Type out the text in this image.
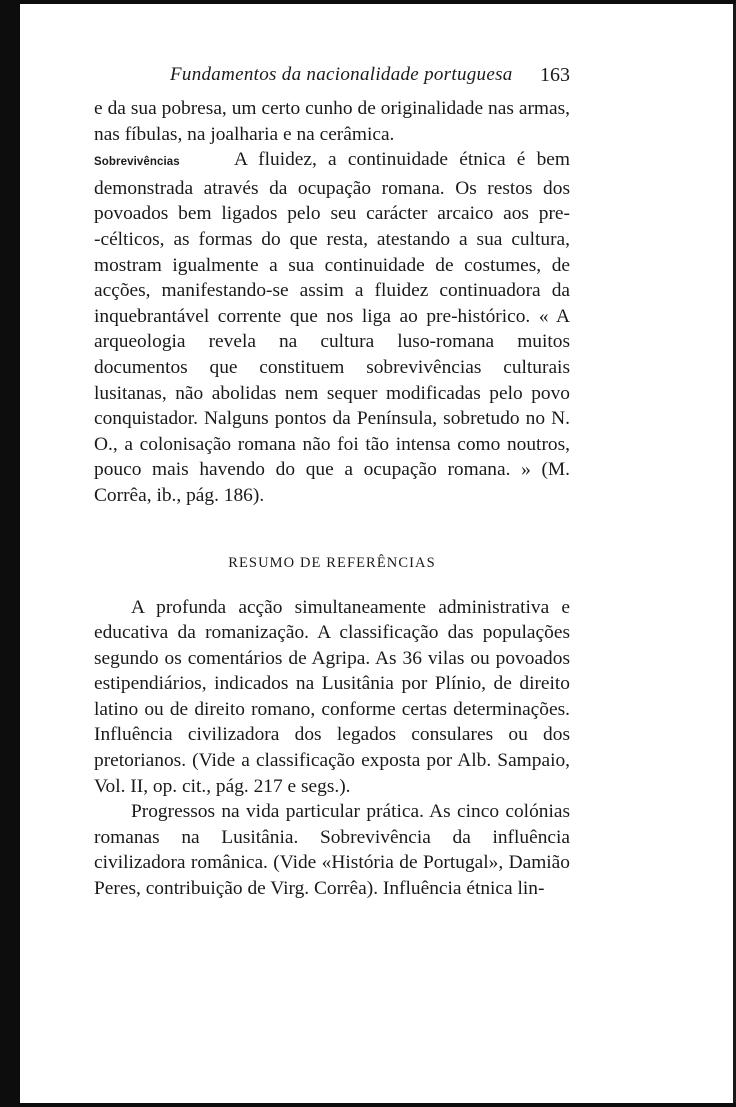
Fundamentos da nacionalidade portuguesa 163

e da sua pobresa, um certo cunho de originalidade nas armas, nas fíbulas, na joalharia e na cerâmica.

Sobrevivências	A fluidez, a continuidade étnica é bem demonstrada através da ocupação romana. Os restos dos povoados bem ligados pelo seu carácter arcaico aos pre-‑célticos, as formas do que resta, atestando a sua cultura, mostram igualmente a sua continuidade de costumes, de acções, manifestando-se assim a fluidez continuadora da inquebrantável corrente que nos liga ao pre-histórico. « A arqueologia revela na cultura luso-romana muitos documentos que constituem sobrevivências culturais lusitanas, não abolidas nem sequer modificadas pelo povo conquistador. Nalguns pontos da Península, sobretudo no N. O., a colonisação romana não foi tão intensa como noutros, pouco mais havendo do que a ocupação romana. » (M. Corrêa, ib., pág. 186).

RESUMO DE REFERÊNCIAS

A profunda acção simultaneamente administrativa e educativa da romanização. A classificação das populações segundo os comentários de Agripa. As 36 vilas ou povoados estipendiários, indicados na Lusitânia por Plínio, de direito latino ou de direito romano, conforme certas determinações. Influência civilizadora dos legados consulares ou dos pretorianos. (Vide a classificação exposta por Alb. Sampaio, Vol. II, op. cit., pág. 217 e segs.).

Progressos na vida particular prática. As cinco colónias romanas na Lusitânia. Sobrevivência da influência civilizadora românica. (Vide «História de Portugal», Damião Peres, contribuição de Virg. Corrêa). Influência étnica lin-
